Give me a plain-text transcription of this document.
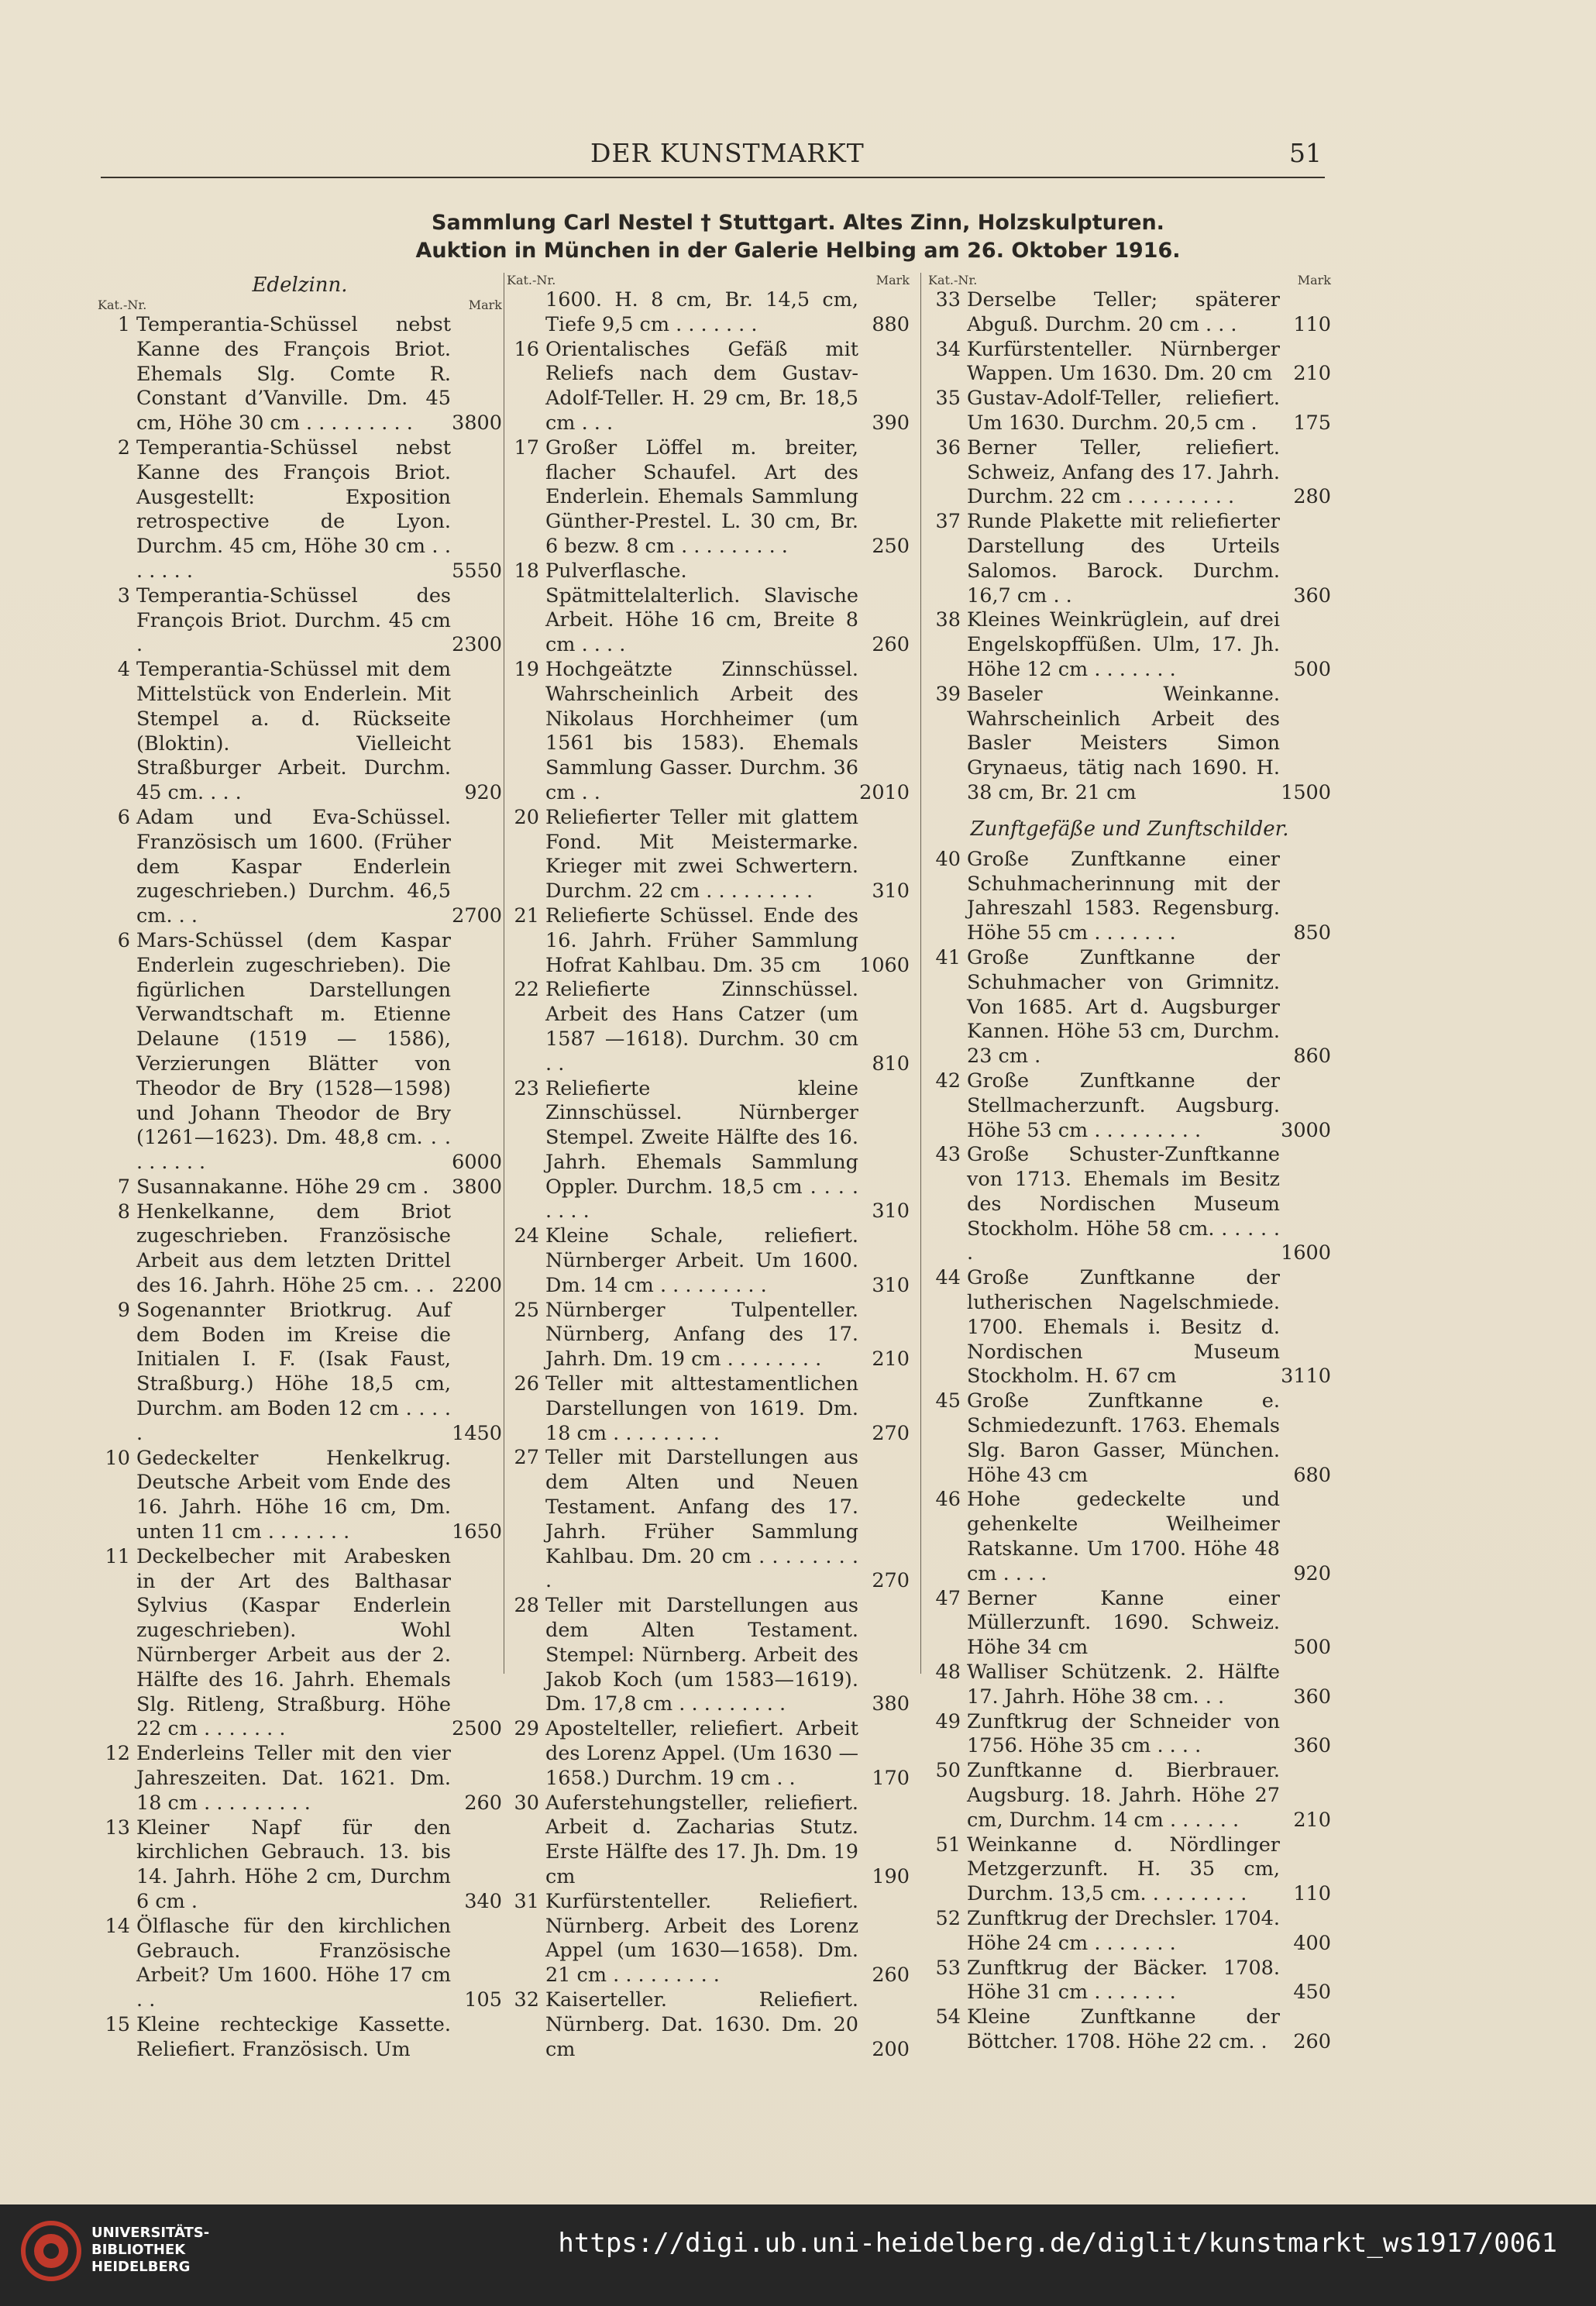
DER KUNSTMARKT	51
Sammlung Carl Nestel † Stuttgart. Altes Zinn, Holzskulpturen.
Auktion in München in der Galerie Helbing am 26. Oktober 1916.
Edelzinn.
Kat.-Nr.	Mark
1 Temperantia-Schüssel nebst Kanne des François Briot. Ehemals Slg. Comte R. Constant d’Vanville. Dm. 45 cm, Höhe 30 cm . . . . . . . . .	3800
2 Temperantia-Schüssel nebst Kanne des François Briot. Ausgestellt: Exposition retrospective de Lyon. Durchm. 45 cm, Höhe 30 cm . . . . . . .	5550
3 Temperantia-Schüssel des François Briot. Durchm. 45 cm .	2300
4 Temperantia-Schüssel mit dem Mittelstück von Enderlein. Mit Stempel a. d. Rückseite (Bloktin). Vielleicht Straßburger Arbeit. Durchm. 45 cm. . . .	920
6 Adam und Eva-Schüssel. Französisch um 1600. (Früher dem Kaspar Enderlein zugeschrieben.) Durchm. 46,5 cm. . .	2700
6 Mars-Schüssel (dem Kaspar Enderlein zugeschrieben). Die figürlichen Darstellungen Verwandtschaft m. Etienne Delaune (1519 — 1586), Verzierungen Blätter von Theodor de Bry (1528—1598) und Johann Theodor de Bry (1261—1623). Dm. 48,8 cm. . . . . . . . .	6000
7 Susannakanne. Höhe 29 cm .	3800
8 Henkelkanne, dem Briot zugeschrieben. Französische Arbeit aus dem letzten Drittel des 16. Jahrh. Höhe 25 cm. . . 2200
9 Sogenannter Briotkrug. Auf dem Boden im Kreise die Initialen I. F. (Isak Faust, Straßburg.) Höhe 18,5 cm, Durchm. am Boden 12 cm . . . . .	1450
10 Gedeckelter Henkelkrug. Deutsche Arbeit vom Ende des 16. Jahrh. Höhe 16 cm, Dm. unten 11 cm . . . . . . .	1650
11 Deckelbecher mit Arabesken in der Art des Balthasar Sylvius (Kaspar Enderlein zugeschrieben). Wohl Nürnberger Arbeit aus der 2. Hälfte des 16. Jahrh. Ehemals Slg. Ritleng, Straßburg. Höhe 22 cm . . . . . . .	2500
12 Enderleins Teller mit den vier Jahreszeiten. Dat. 1621. Dm. 18 cm . . . . . . . . .	260
13 Kleiner Napf für den kirchlichen Gebrauch. 13. bis 14. Jahrh. Höhe 2 cm, Durchm 6 cm .	340
14 Ölflasche für den kirchlichen Gebrauch. Französische Arbeit? Um 1600. Höhe 17 cm . .	105
15 Kleine rechteckige Kassette. Reliefiert. Französisch. Um
Kat.-Nr.	Mark
1600. H. 8 cm, Br. 14,5 cm, Tiefe 9,5 cm . . . . . . .	880
16 Orientalisches Gefäß mit Reliefs nach dem Gustav-Adolf-Teller. H. 29 cm, Br. 18,5 cm . . .	390
17 Großer Löffel m. breiter, flacher Schaufel. Art des Enderlein. Ehemals Sammlung Günther-Prestel. L. 30 cm, Br. 6 bezw. 8 cm . . . . . . . . .	250
18 Pulverflasche. Spätmittelalterlich. Slavische Arbeit. Höhe 16 cm, Breite 8 cm . . . .	260
19 Hochgeätzte Zinnschüssel. Wahrscheinlich Arbeit des Nikolaus Horchheimer (um 1561 bis 1583). Ehemals Sammlung Gasser. Durchm. 36 cm . .	2010
20 Reliefierter Teller mit glattem Fond. Mit Meistermarke. Krieger mit zwei Schwertern. Durchm. 22 cm . . . . . . . . .	310
21 Reliefierte Schüssel. Ende des 16. Jahrh. Früher Sammlung Hofrat Kahlbau. Dm. 35 cm	1060
22 Reliefierte Zinnschüssel. Arbeit des Hans Catzer (um 1587 —1618). Durchm. 30 cm . .	810
23 Reliefierte kleine Zinnschüssel. Nürnberger Stempel. Zweite Hälfte des 16. Jahrh. Ehemals Sammlung Oppler. Durchm. 18,5 cm . . . . . . . .	310
24 Kleine Schale, reliefiert. Nürnberger Arbeit. Um 1600. Dm. 14 cm . . . . . . . . .	310
25 Nürnberger Tulpenteller. Nürnberg, Anfang des 17. Jahrh. Dm. 19 cm . . . . . . . .	210
26 Teller mit alttestamentlichen Darstellungen von 1619. Dm. 18 cm . . . . . . . . .	270
27 Teller mit Darstellungen aus dem Alten und Neuen Testament. Anfang des 17. Jahrh. Früher Sammlung Kahlbau. Dm. 20 cm . . . . . . . . .	270
28 Teller mit Darstellungen aus dem Alten Testament. Stempel: Nürnberg. Arbeit des Jakob Koch (um 1583—1619). Dm. 17,8 cm . . . . . . . . .	380
29 Apostelteller, reliefiert. Arbeit des Lorenz Appel. (Um 1630 —1658.) Durchm. 19 cm . .	170
30 Auferstehungsteller, reliefiert. Arbeit d. Zacharias Stutz. Erste Hälfte des 17. Jh. Dm. 19 cm	190
31 Kurfürstenteller. Reliefiert. Nürnberg. Arbeit des Lorenz Appel (um 1630—1658). Dm. 21 cm . . . . . . . . .	260
32 Kaiserteller. Reliefiert. Nürnberg. Dat. 1630. Dm. 20 cm	200
Kat.-Nr.	Mark
33 Derselbe Teller; späterer Abguß. Durchm. 20 cm . . .	110
34 Kurfürstenteller. Nürnberger Wappen. Um 1630. Dm. 20 cm	210
35 Gustav-Adolf-Teller, reliefiert. Um 1630. Durchm. 20,5 cm .	175
36 Berner Teller, reliefiert. Schweiz, Anfang des 17. Jahrh. Durchm. 22 cm . . . . . . . . .	280
37 Runde Plakette mit reliefierter Darstellung des Urteils Salomos. Barock. Durchm. 16,7 cm . .	360
38 Kleines Weinkrüglein, auf drei Engelskopffüßen. Ulm, 17. Jh. Höhe 12 cm . . . . . . .	500
39 Baseler Weinkanne. Wahrscheinlich Arbeit des Basler Meisters Simon Grynaeus, tätig nach 1690. H. 38 cm, Br. 21 cm	1500
Zunftgefäße und Zunftschilder.
40 Große Zunftkanne einer Schuhmacherinnung mit der Jahreszahl 1583. Regensburg. Höhe 55 cm . . . . . . .	850
41 Große Zunftkanne der Schuhmacher von Grimnitz. Von 1685. Art d. Augsburger Kannen. Höhe 53 cm, Durchm. 23 cm .	860
42 Große Zunftkanne der Stellmacherzunft. Augsburg. Höhe 53 cm . . . . . . . . .	3000
43 Große Schuster-Zunftkanne von 1713. Ehemals im Besitz des Nordischen Museum Stockholm. Höhe 58 cm. . . . . . .	1600
44 Große Zunftkanne der lutherischen Nagelschmiede. 1700. Ehemals i. Besitz d. Nordischen Museum Stockholm. H. 67 cm	3110
45 Große Zunftkanne e. Schmiedezunft. 1763. Ehemals Slg. Baron Gasser, München. Höhe 43 cm	680
46 Hohe gedeckelte und gehenkelte Weilheimer Ratskanne. Um 1700. Höhe 48 cm . . . .	920
47 Berner Kanne einer Müllerzunft. 1690. Schweiz. Höhe 34 cm	500
48 Walliser Schützenk. 2. Hälfte 17. Jahrh. Höhe 38 cm. . .	360
49 Zunftkrug der Schneider von 1756. Höhe 35 cm . . . .	360
50 Zunftkanne d. Bierbrauer. Augsburg. 18. Jahrh. Höhe 27 cm, Durchm. 14 cm . . . . . .	210
51 Weinkanne d. Nördlinger Metzgerzunft. H. 35 cm, Durchm. 13,5 cm. . . . . . . . .	110
52 Zunftkrug der Drechsler. 1704. Höhe 24 cm . . . . . . .	400
53 Zunftkrug der Bäcker. 1708. Höhe 31 cm . . . . . . .	450
54 Kleine Zunftkanne der Böttcher. 1708. Höhe 22 cm. .	260
UNIVERSITÄTS-
BIBLIOTHEK
HEIDELBERG
https://digi.ub.uni-heidelberg.de/diglit/kunstmarkt_ws1917/0061
